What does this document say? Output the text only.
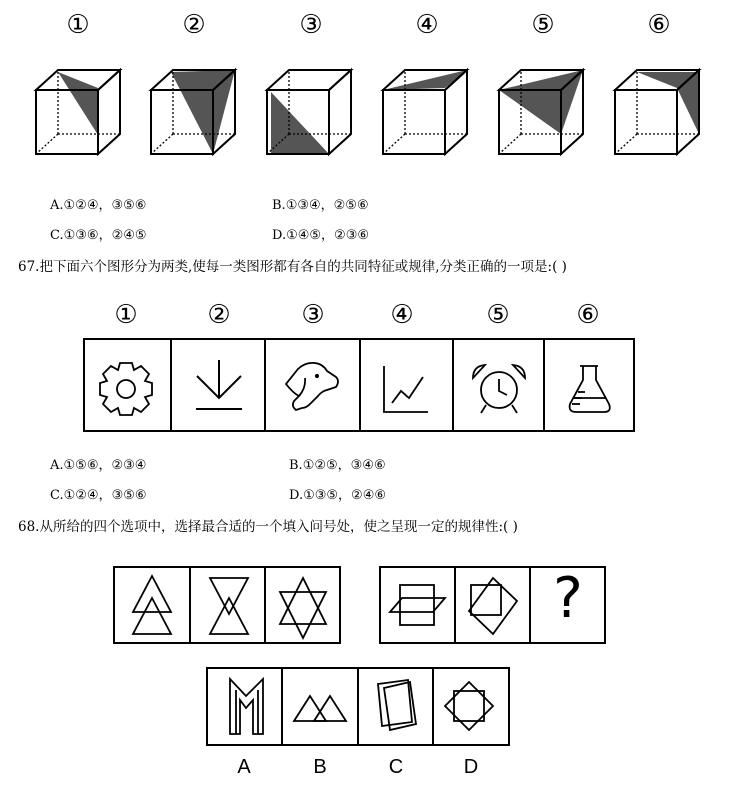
①	②	③	④	⑤	⑥
A.①②④，③⑤⑥	B.①③④，②⑤⑥
C.①③⑥，②④⑤	D.①④⑤，②③⑥
67.把下面六个图形分为两类,使每一类图形都有各自的共同特征或规律,分类正确的一项是:( )
①	②	③	④	⑤	⑥
A.①⑤⑥，②③④	B.①②⑤，③④⑥
C.①②④，③⑤⑥	D.①③⑤，②④⑥
68.从所给的四个选项中，选择最合适的一个填入问号处，使之呈现一定的规律性:( )
?
A	B	C	D
